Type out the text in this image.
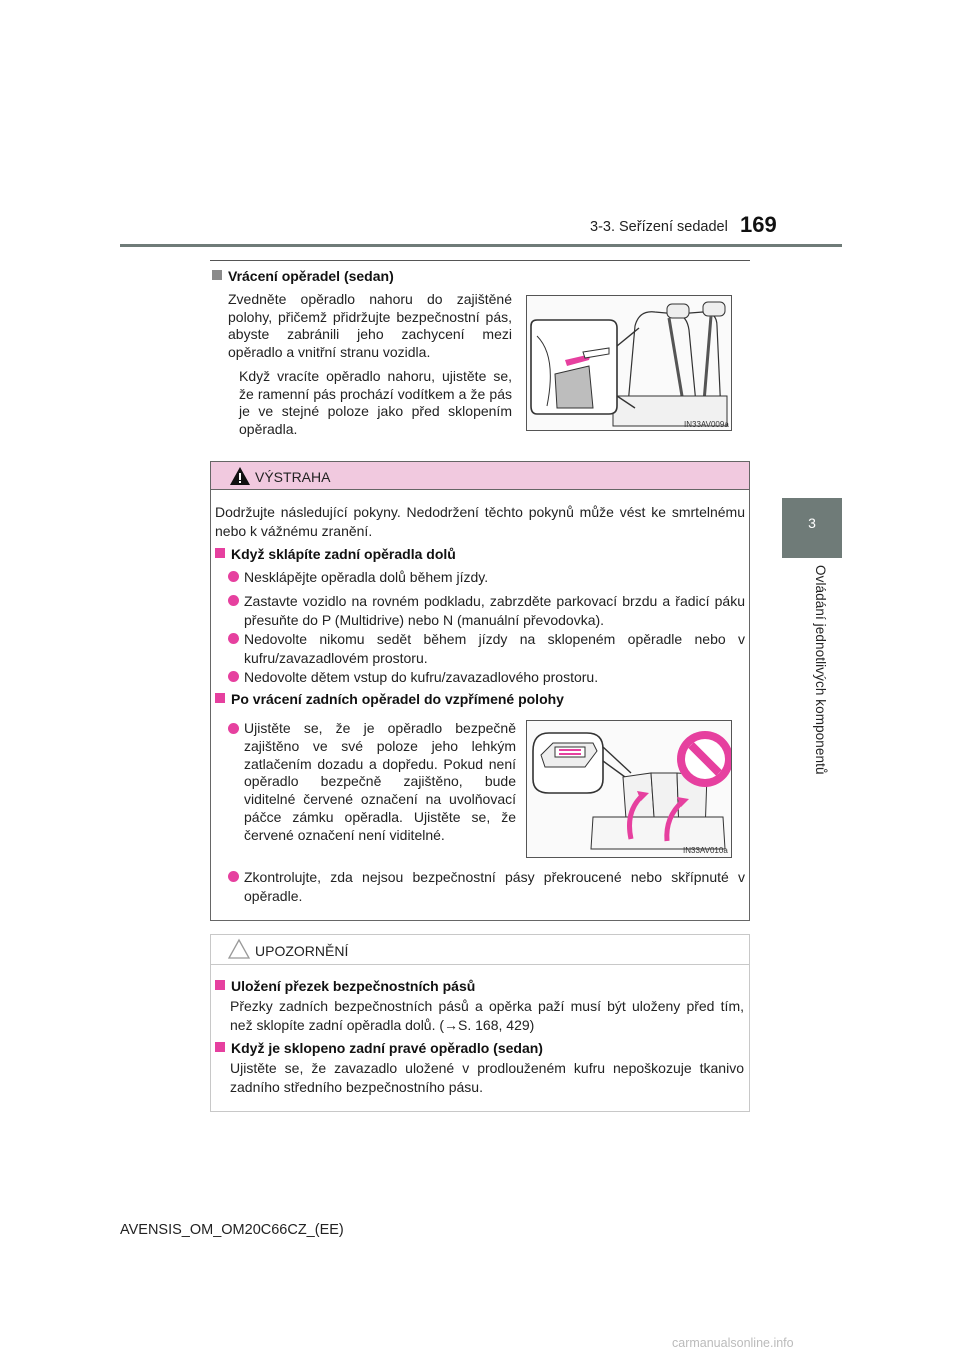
3-3. Seřízení sedadel 169
3
Ovládání jednotlivých komponentů
Vrácení opěradel (sedan)
Zvedněte opěradlo nahoru do zajištěné polohy, přičemž přidržujte bezpečnostní pás, abyste zabránili jeho zachycení mezi opěradlo a vnitřní stranu vozidla.
Když vracíte opěradlo nahoru, ujistěte se, že ramenní pás prochází vodítkem a že pás je ve stejné poloze jako před sklopením opěradla.	IN33AV009a
VÝSTRAHA
Dodržujte následující pokyny. Nedodržení těchto pokynů může vést ke smrtelnému nebo k vážnému zranění.
Když sklápíte zadní opěradla dolů
Nesklápějte opěradla dolů během jízdy.
Zastavte vozidlo na rovném podkladu, zabrzděte parkovací brzdu a řadicí páku přesuňte do P (Multidrive) nebo N (manuální převodovka).
Nedovolte nikomu sedět během jízdy na sklopeném opěradle nebo v kufru/zavazadlovém prostoru.
Nedovolte dětem vstup do kufru/zavazadlového prostoru.
Po vrácení zadních opěradel do vzpřímené polohy
Ujistěte se, že je opěradlo bezpečně zajištěno ve své poloze jeho lehkým zatlačením dozadu a dopředu. Pokud není opěradlo bezpečně zajištěno, bude viditelné červené označení na uvolňovací páčce zámku opěradla. Ujistěte se, že červené označení není viditelné.
IN33AV010a
Zkontrolujte, zda nejsou bezpečnostní pásy překroucené nebo skřípnuté v opěradle.
UPOZORNĚNÍ
Uložení přezek bezpečnostních pásů
Přezky zadních bezpečnostních pásů a opěrka paží musí být uloženy před tím, než sklopíte zadní opěradla dolů. (→S. 168, 429)
Když je sklopeno zadní pravé opěradlo (sedan)
Ujistěte se, že zavazadlo uložené v prodlouženém kufru nepoškozuje tkanivo zadního středního bezpečnostního pásu.
AVENSIS_OM_OM20C66CZ_(EE)
carmanualsonline.info
